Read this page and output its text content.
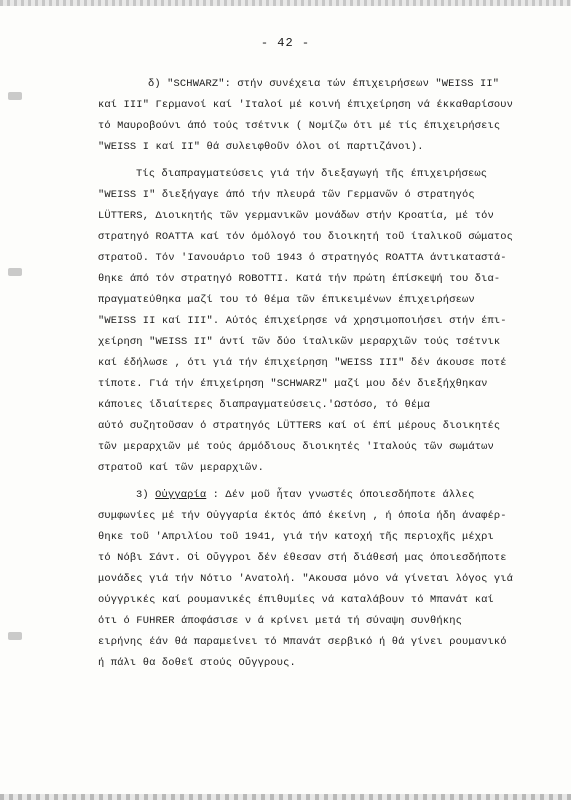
- 42 -
δ) "SCHWARZ": στήν συνέχεια τών έπιχειρήσεων "WEISS II"
καί III" Γερμανοί καί 'Ιταλοί μέ κοινή έπιχείρηση νά έκκαθαρίσουν
τό Μαυροβούνι άπό τούς τσέτνικ ( Νομίζω ότι μέ τίς έπιχειρήσεις
"WEISS I καί II" θά συλειφθοῦν όλοι οί παρτιζάνοι).
Τίς διαπραγματεύσεις γιά τήν διεξαγωγή τῆς έπιχειρήσεως
"WEISS I" διεξήγαγε άπό τήν πλευρά τῶν Γερμανῶν ό στρατηγός
LÜTTERS, Διοικητής τῶν γερμανικῶν μονάδων στήν Κροατία, μέ τόν
στρατηγό ROATTA καί τόν όμόλογό του διοικητή τοῦ ίταλικοῦ σώματος
στρατοῦ. Τόν 'Ιανουάριο τοῦ 1943 ό στρατηγός ROATTA άντικαταστά-
θηκε άπό τόν στρατηγό ROBOTTI. Κατά τήν πρώτη έπίσκεψή του δια-
πραγματεύθηκα μαζί του τό θέμα τῶν έπικειμένων έπιχειρήσεων
"WEISS II καί III". Αύτός έπιχείρησε νά χρησιμοποιήσει στήν έπι-
χείρηση "WEISS II" άντί τῶν δύο ίταλικῶν μεραρχιῶν τούς τσέτνικ
καί έδήλωσε , ότι γιά τήν έπιχείρηση "WEISS III" δέν άκουσε ποτέ
τίποτε. Γιά τήν έπιχείρηση "SCHWARZ" μαζί μου δέν διεξήχθηκαν
κάποιες ίδιαίτερες διαπραγματεύσεις.'Ωστόσο, τό θέμα
αύτό συζητοῦσαν ό στρατηγός LÜTTERS καί οί έπί μέρους διοικητές
τῶν μεραρχιῶν μέ τούς άρμόδιους διοικητές 'Ιταλούς τῶν σωμάτων
στρατοῦ καί τῶν μεραρχιῶν.
3) Οὐγγαρία : Δέν μοῦ ἦταν γνωστές όποιεσδήποτε άλλες
συμφωνίες μέ τήν Οὐγγαρία έκτός άπό έκείνη , ή όποία ήδη άναφέρ-
θηκε τοῦ 'Απριλίου τοῦ 1941, γιά τήν κατοχή τῆς περιοχῆς μέχρι
τό Νόβι Σάντ. Οἱ Οὔγγροι δέν έθεσαν στή διάθεσή μας όποιεσδήποτε
μονάδες γιά τήν Νότιο 'Ανατολή. "Ακουσα μόνο νά γίνεται λόγος γιά
ούγγρικές καί ρουμανικές έπιθυμίες νά καταλάβουν τό Μπανάτ καί
ότι ό FUHRER άποφάσισε ν ά κρίνει μετά τή σύναψη συνθήκης
ειρήνης έάν θά παραμείνει τό Μπανάτ σερβικό ή θά γίνει ρουμανικό
ή πάλι θα δοθεῖ στούς Οὔγγρους.
